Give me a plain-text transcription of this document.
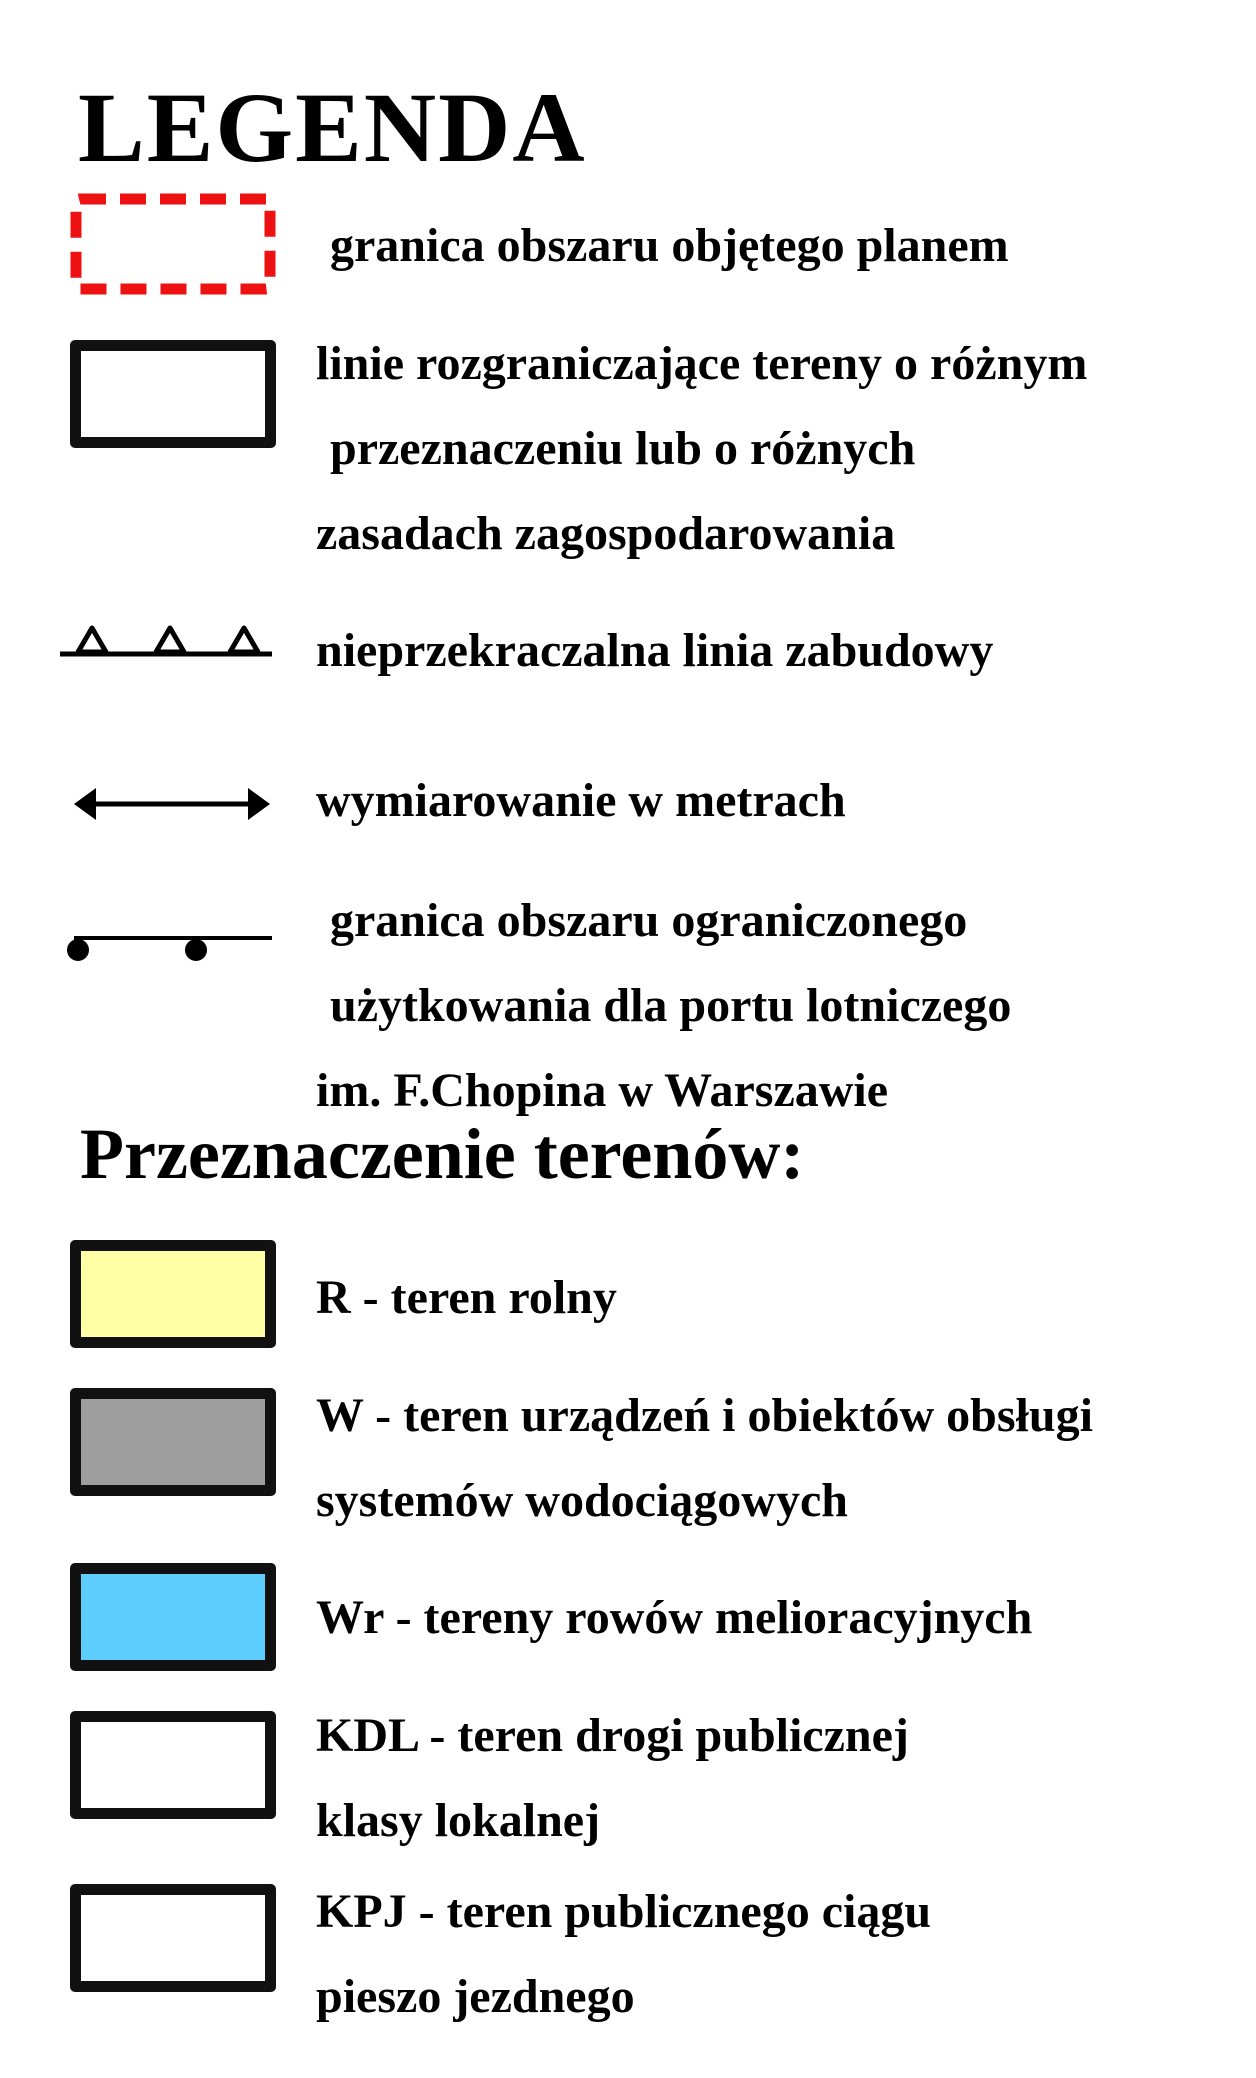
LEGENDA
granica obszaru objętego planem
linie rozgraniczające tereny o różnym
przeznaczeniu lub o różnych
zasadach zagospodarowania
nieprzekraczalna linia zabudowy
wymiarowanie w metrach
granica obszaru ograniczonego
użytkowania dla portu lotniczego
im. F.Chopina w Warszawie
Przeznaczenie terenów:
R - teren rolny
W - teren urządzeń i obiektów obsługi
systemów wodociągowych
Wr - tereny rowów melioracyjnych
KDL - teren drogi publicznej
klasy lokalnej
KPJ - teren publicznego ciągu
pieszo jezdnego
